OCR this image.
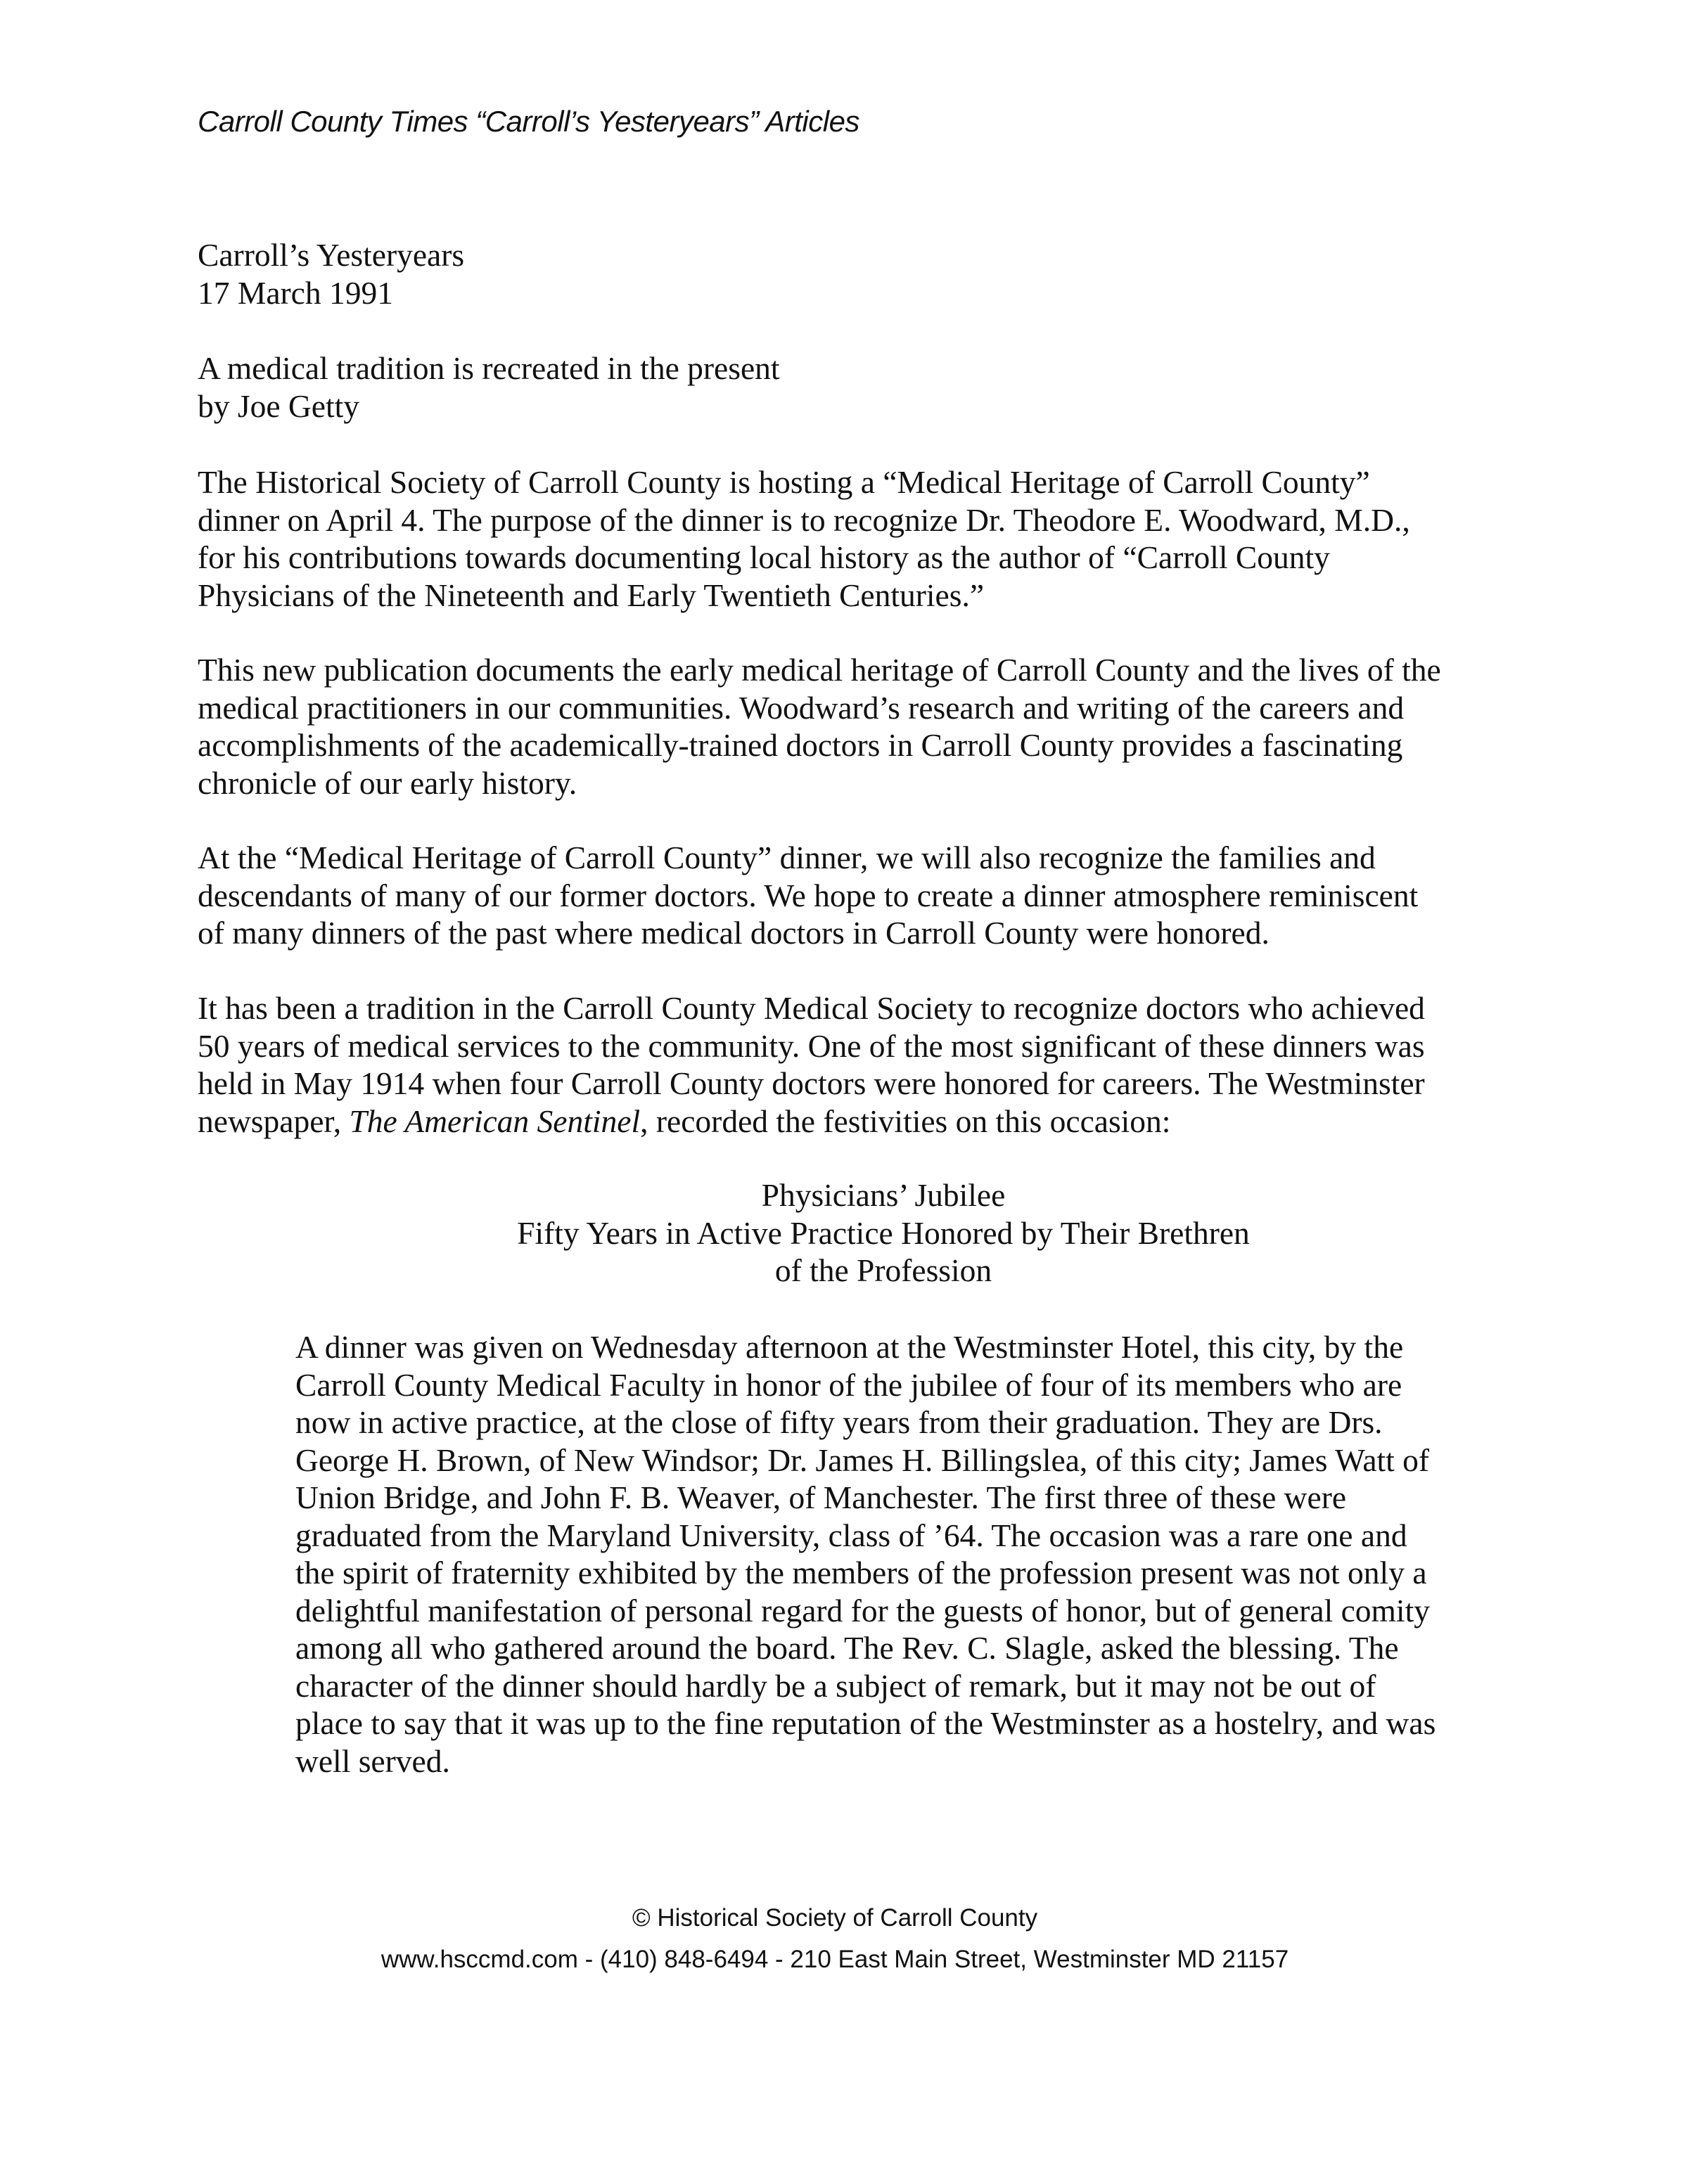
Carroll County Times “Carroll’s Yesteryears” Articles
Carroll’s Yesteryears
17 March 1991
A medical tradition is recreated in the present
by Joe Getty
The Historical Society of Carroll County is hosting a “Medical Heritage of Carroll County”
dinner on April 4. The purpose of the dinner is to recognize Dr. Theodore E. Woodward, M.D.,
for his contributions towards documenting local history as the author of “Carroll County
Physicians of the Nineteenth and Early Twentieth Centuries.”
This new publication documents the early medical heritage of Carroll County and the lives of the
medical practitioners in our communities. Woodward’s research and writing of the careers and
accomplishments of the academically-trained doctors in Carroll County provides a fascinating
chronicle of our early history.
At the “Medical Heritage of Carroll County” dinner, we will also recognize the families and
descendants of many of our former doctors. We hope to create a dinner atmosphere reminiscent
of many dinners of the past where medical doctors in Carroll County were honored.
It has been a tradition in the Carroll County Medical Society to recognize doctors who achieved
50 years of medical services to the community. One of the most significant of these dinners was
held in May 1914 when four Carroll County doctors were honored for careers. The Westminster
newspaper, The American Sentinel, recorded the festivities on this occasion:
Physicians’ Jubilee
Fifty Years in Active Practice Honored by Their Brethren
of the Profession
A dinner was given on Wednesday afternoon at the Westminster Hotel, this city, by the
Carroll County Medical Faculty in honor of the jubilee of four of its members who are
now in active practice, at the close of fifty years from their graduation. They are Drs.
George H. Brown, of New Windsor; Dr. James H. Billingslea, of this city; James Watt of
Union Bridge, and John F. B. Weaver, of Manchester. The first three of these were
graduated from the Maryland University, class of ’64. The occasion was a rare one and
the spirit of fraternity exhibited by the members of the profession present was not only a
delightful manifestation of personal regard for the guests of honor, but of general comity
among all who gathered around the board. The Rev. C. Slagle, asked the blessing. The
character of the dinner should hardly be a subject of remark, but it may not be out of
place to say that it was up to the fine reputation of the Westminster as a hostelry, and was
well served.
© Historical Society of Carroll County
www.hsccmd.com - (410) 848-6494 - 210 East Main Street, Westminster MD 21157
